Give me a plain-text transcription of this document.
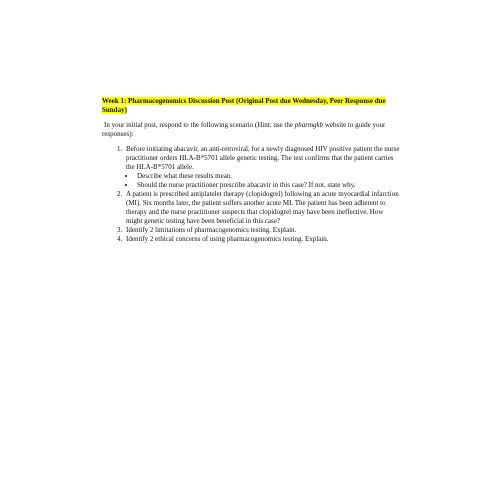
Week 1: Pharmacogenomics Discussion Post (Original Post due Wednesday, Peer Response due Sunday)

In your initial post, respond to the following scenario (Hint: use the pharmgkb website to guide your responses):

1. Before initiating abacavir, an anti-retroviral, for a newly diagnosed HIV positive patient the nurse practitioner orders HLA-B*5701 allele genetic testing. The test confirms that the patient carries the HLA-B*5701 allele.
• Describe what these results mean.
• Should the nurse practitioner prescribe abacavir in this case? If not, state why.
2. A patient is prescribed antiplatelet therapy (clopidogrel) following an acute myocardial infarction (MI). Six months later, the patient suffers another acute MI. The patient has been adherent to therapy and the nurse practitioner suspects that clopidogrel may have been ineffective. How might genetic testing have been beneficial in this case?
3. Identify 2 limitations of pharmacogenomics testing. Explain.
4. Identify 2 ethical concerns of using pharmacogenomics testing. Explain.
